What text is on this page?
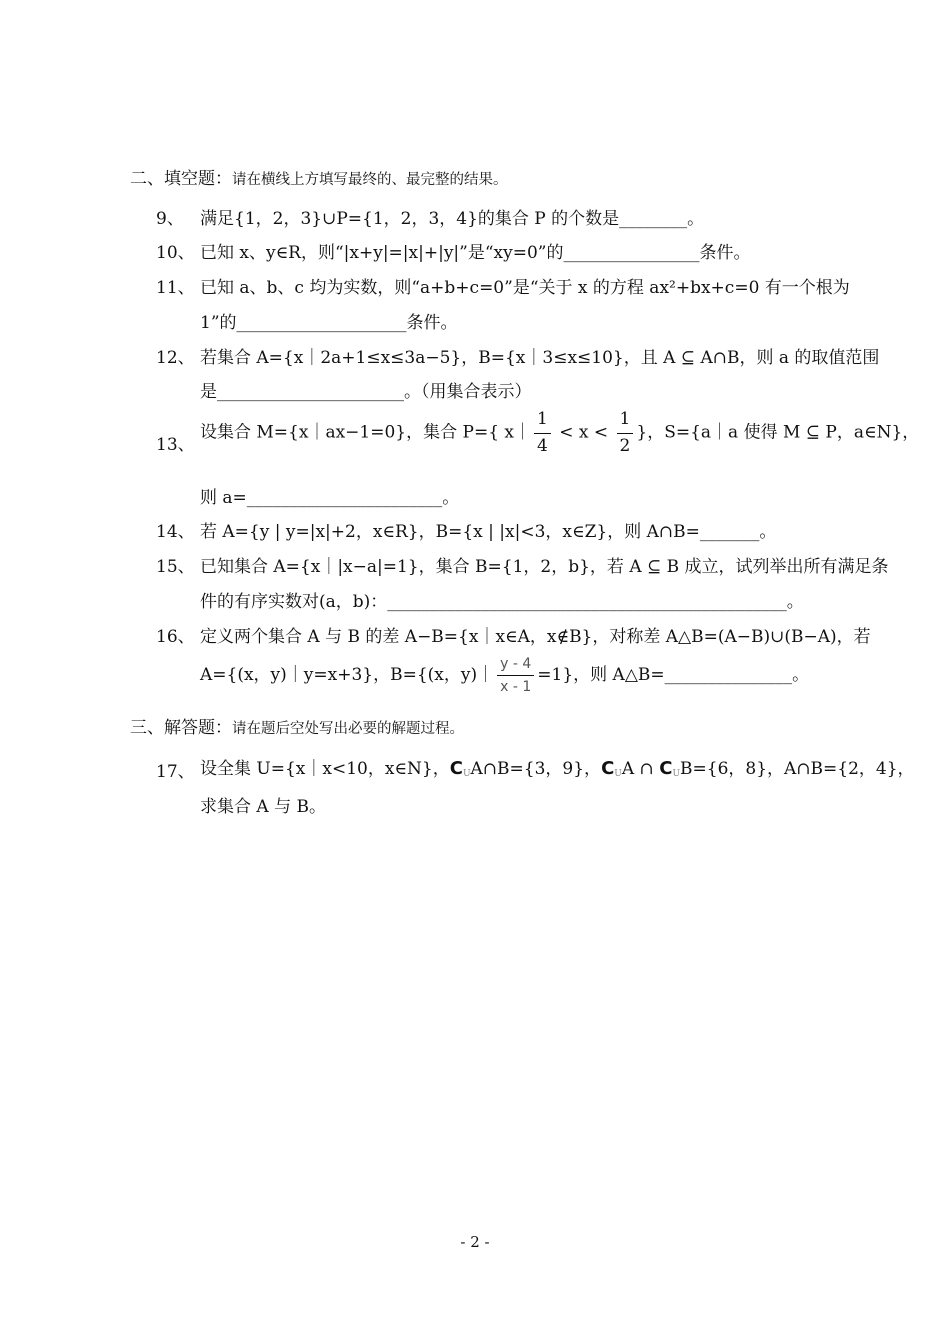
二、填空题：请在横线上方填写最终的、最完整的结果。
9、 满足{1，2，3}∪P={1，2，3，4}的集合 P 的个数是________。
10、 已知 x、y∈R，则“|x+y|=|x|+|y|”是“xy=0”的________________条件。
11、 已知 a、b、c 均为实数，则“a+b+c=0”是“关于 x 的方程 ax²+bx+c=0 有一个根为
1”的____________________条件。
12、 若集合 A={x｜2a+1≤x≤3a−5}，B={x｜3≤x≤10}，且 A ⊆ A∩B，则 a 的取值范围
是______________________。（用集合表示）
13、
设集合 M={x｜ax−1=0}，集合 P={ x｜ $\frac{1}{4} < x < \frac{1}{2}$ }，S={a｜a 使得 M ⊆ P，a∈N}，
则 a=_______________________。
14、 若 A={y | y=|x|+2，x∈R}，B={x | |x|<3，x∈Z}，则 A∩B=_______。
15、 已知集合 A={x｜|x−a|=1}，集合 B={1，2，b}，若 A ⊆ B 成立，试列举出所有满足条
件的有序实数对(a，b)：_______________________________________________。
16、 定义两个集合 A 与 B 的差 A−B={x｜x∈A，x∉B}，对称差 A△B=(A−B)∪(B−A)，若
A={(x，y)｜y=x+3}，B={(x，y)｜ $\frac{y - 4}{x - 1} =1$}，则 A△B=_______________。
三、解答题：请在题后空处写出必要的解题过程。
17、 设全集 U={x｜x<10，x∈N}，$C_UA\cap B=\{3$，9}，$C_UA$ ∩ $C_UB=\{6$，8}，A∩B={2，4}，
求集合 A 与 B。
- 2 -
